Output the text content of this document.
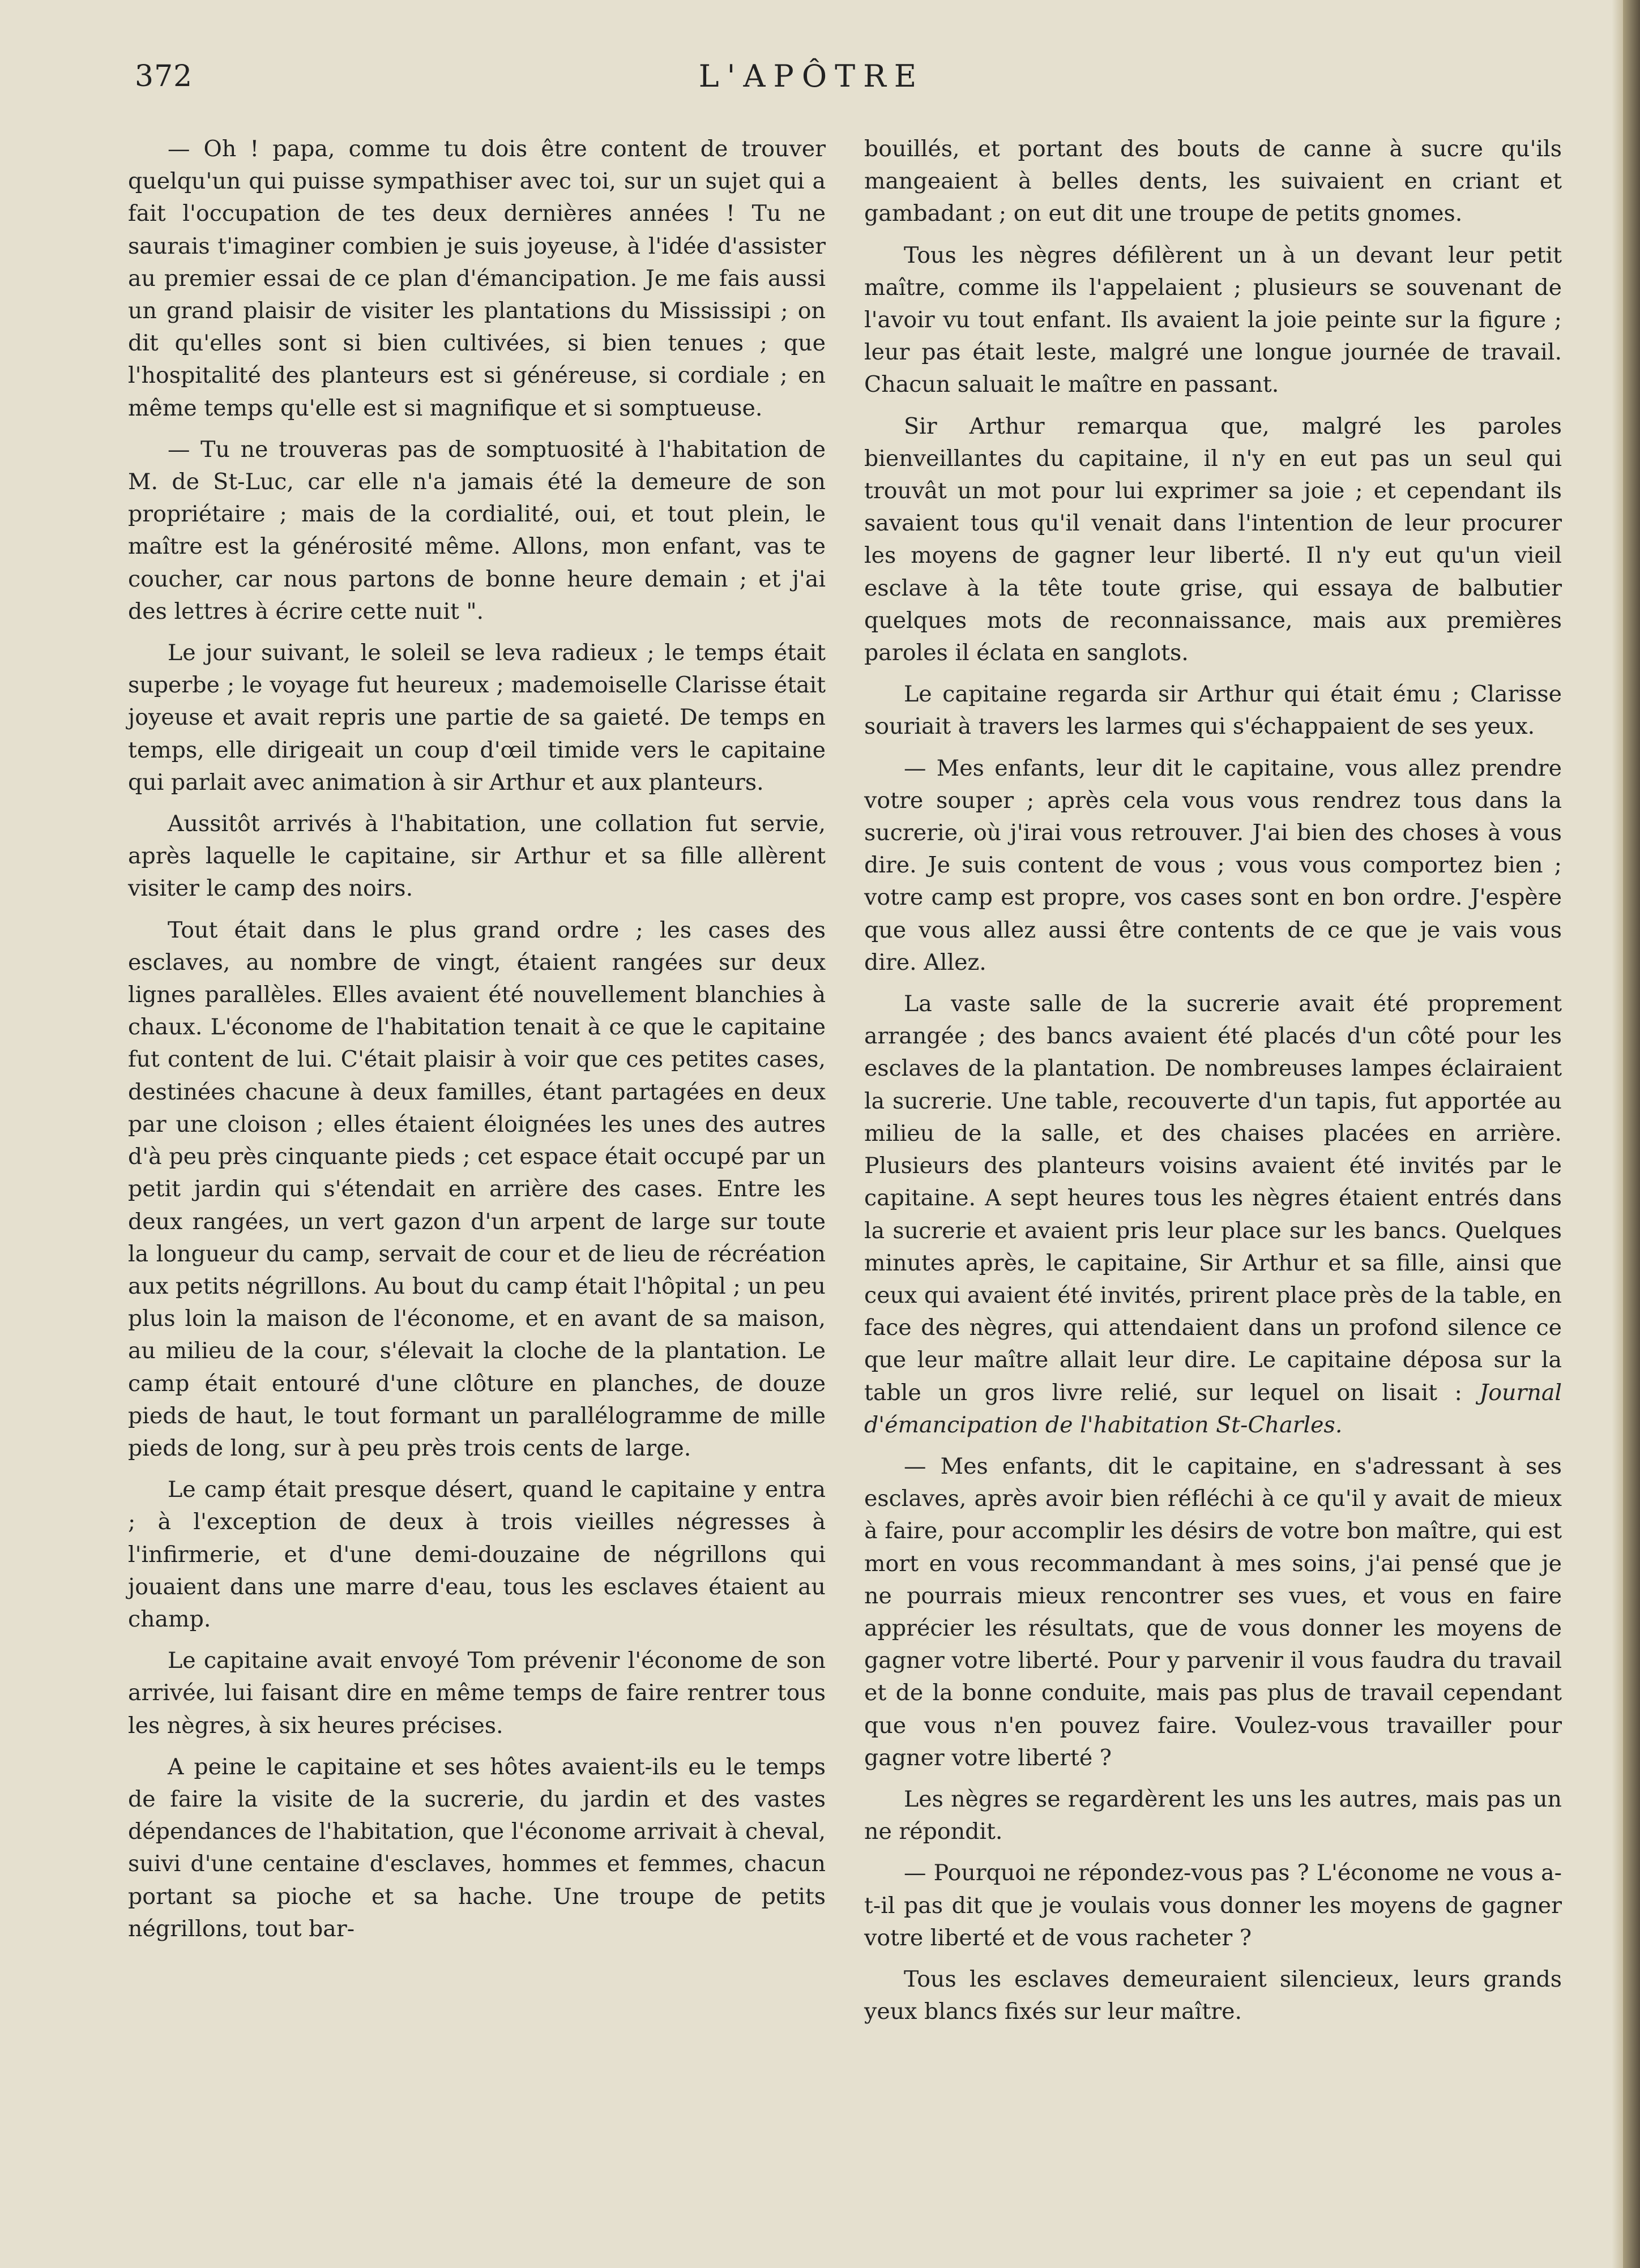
372	L'APÔTRE

— Oh ! papa, comme tu dois être content de trouver quelqu'un qui puisse sympathiser avec toi, sur un sujet qui a fait l'occupation de tes deux dernières années ! Tu ne saurais t'imaginer combien je suis joyeuse, à l'idée d'assister au premier essai de ce plan d'émancipation. Je me fais aussi un grand plaisir de visiter les plantations du Mississipi ; on dit qu'elles sont si bien cultivées, si bien tenues ; que l'hospitalité des planteurs est si généreuse, si cordiale ; en même temps qu'elle est si magnifique et si somptueuse.

— Tu ne trouveras pas de somptuosité à l'habitation de M. de St-Luc, car elle n'a jamais été la demeure de son propriétaire ; mais de la cordialité, oui, et tout plein, le maître est la générosité même. Allons, mon enfant, vas te coucher, car nous partons de bonne heure demain ; et j'ai des lettres à écrire cette nuit ".

Le jour suivant, le soleil se leva radieux ; le temps était superbe ; le voyage fut heureux ; mademoiselle Clarisse était joyeuse et avait repris une partie de sa gaieté. De temps en temps, elle dirigeait un coup d'œil timide vers le capitaine qui parlait avec animation à sir Arthur et aux planteurs.

Aussitôt arrivés à l'habitation, une collation fut servie, après laquelle le capitaine, sir Arthur et sa fille allèrent visiter le camp des noirs.

Tout était dans le plus grand ordre ; les cases des esclaves, au nombre de vingt, étaient rangées sur deux lignes parallèles. Elles avaient été nouvellement blanchies à chaux. L'économe de l'habitation tenait à ce que le capitaine fut content de lui. C'était plaisir à voir que ces petites cases, destinées chacune à deux familles, étant partagées en deux par une cloison ; elles étaient éloignées les unes des autres d'à peu près cinquante pieds ; cet espace était occupé par un petit jardin qui s'étendait en arrière des cases. Entre les deux rangées, un vert gazon d'un arpent de large sur toute la longueur du camp, servait de cour et de lieu de récréation aux petits négrillons. Au bout du camp était l'hôpital ; un peu plus loin la maison de l'économe, et en avant de sa maison, au milieu de la cour, s'élevait la cloche de la plantation. Le camp était entouré d'une clôture en planches, de douze pieds de haut, le tout formant un parallélogramme de mille pieds de long, sur à peu près trois cents de large.

Le camp était presque désert, quand le capitaine y entra ; à l'exception de deux à trois vieilles négresses à l'infirmerie, et d'une demi-douzaine de négrillons qui jouaient dans une marre d'eau, tous les esclaves étaient au champ.

Le capitaine avait envoyé Tom prévenir l'économe de son arrivée, lui faisant dire en même temps de faire rentrer tous les nègres, à six heures précises.

A peine le capitaine et ses hôtes avaient-ils eu le temps de faire la visite de la sucrerie, du jardin et des vastes dépendances de l'habitation, que l'économe arrivait à cheval, suivi d'une centaine d'esclaves, hommes et femmes, chacun portant sa pioche et sa hache. Une troupe de petits négrillons, tout bar-

bouillés, et portant des bouts de canne à sucre qu'ils mangeaient à belles dents, les suivaient en criant et gambadant ; on eut dit une troupe de petits gnomes.

Tous les nègres défilèrent un à un devant leur petit maître, comme ils l'appelaient ; plusieurs se souvenant de l'avoir vu tout enfant. Ils avaient la joie peinte sur la figure ; leur pas était leste, malgré une longue journée de travail. Chacun saluait le maître en passant.

Sir Arthur remarqua que, malgré les paroles bienveillantes du capitaine, il n'y en eut pas un seul qui trouvât un mot pour lui exprimer sa joie ; et cependant ils savaient tous qu'il venait dans l'intention de leur procurer les moyens de gagner leur liberté. Il n'y eut qu'un vieil esclave à la tête toute grise, qui essaya de balbutier quelques mots de reconnaissance, mais aux premières paroles il éclata en sanglots.

Le capitaine regarda sir Arthur qui était ému ; Clarisse souriait à travers les larmes qui s'échappaient de ses yeux.

— Mes enfants, leur dit le capitaine, vous allez prendre votre souper ; après cela vous vous rendrez tous dans la sucrerie, où j'irai vous retrouver. J'ai bien des choses à vous dire. Je suis content de vous ; vous vous comportez bien ; votre camp est propre, vos cases sont en bon ordre. J'espère que vous allez aussi être contents de ce que je vais vous dire. Allez.

La vaste salle de la sucrerie avait été proprement arrangée ; des bancs avaient été placés d'un côté pour les esclaves de la plantation. De nombreuses lampes éclairaient la sucrerie. Une table, recouverte d'un tapis, fut apportée au milieu de la salle, et des chaises placées en arrière. Plusieurs des planteurs voisins avaient été invités par le capitaine. A sept heures tous les nègres étaient entrés dans la sucrerie et avaient pris leur place sur les bancs. Quelques minutes après, le capitaine, Sir Arthur et sa fille, ainsi que ceux qui avaient été invités, prirent place près de la table, en face des nègres, qui attendaient dans un profond silence ce que leur maître allait leur dire. Le capitaine déposa sur la table un gros livre relié, sur lequel on lisait : Journal d'émancipation de l'habitation St-Charles.

— Mes enfants, dit le capitaine, en s'adressant à ses esclaves, après avoir bien réfléchi à ce qu'il y avait de mieux à faire, pour accomplir les désirs de votre bon maître, qui est mort en vous recommandant à mes soins, j'ai pensé que je ne pourrais mieux rencontrer ses vues, et vous en faire apprécier les résultats, que de vous donner les moyens de gagner votre liberté. Pour y parvenir il vous faudra du travail et de la bonne conduite, mais pas plus de travail cependant que vous n'en pouvez faire. Voulez-vous travailler pour gagner votre liberté ?

Les nègres se regardèrent les uns les autres, mais pas un ne répondit.

— Pourquoi ne répondez-vous pas ? L'économe ne vous a-t-il pas dit que je voulais vous donner les moyens de gagner votre liberté et de vous racheter ?

Tous les esclaves demeuraient silencieux, leurs grands yeux blancs fixés sur leur maître.
